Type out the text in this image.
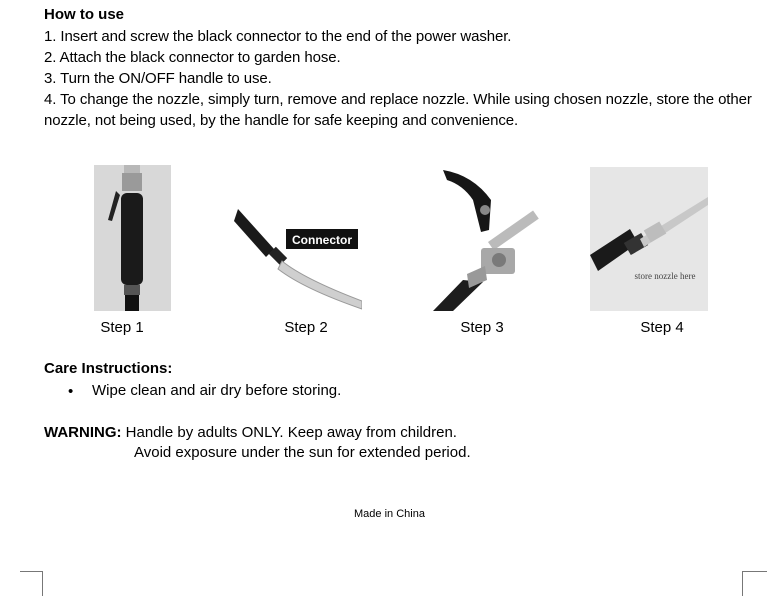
How to use

1. Insert and screw the black connector to the end of the power washer.

2. Attach the black connector to garden hose.

3. Turn the ON/OFF handle to use.

4. To change the nozzle, simply turn, remove and replace nozzle. While using chosen nozzle, store the other nozzle, not being used, by the handle for safe keeping and convenience.

Connector
store nozzle here
Step 1	Step 2	Step 3	Step 4
Care Instructions:
• Wipe clean and air dry before storing.
WARNING: Handle by adults ONLY. Keep away from children.
Avoid exposure under the sun for extended period.
Made in China
